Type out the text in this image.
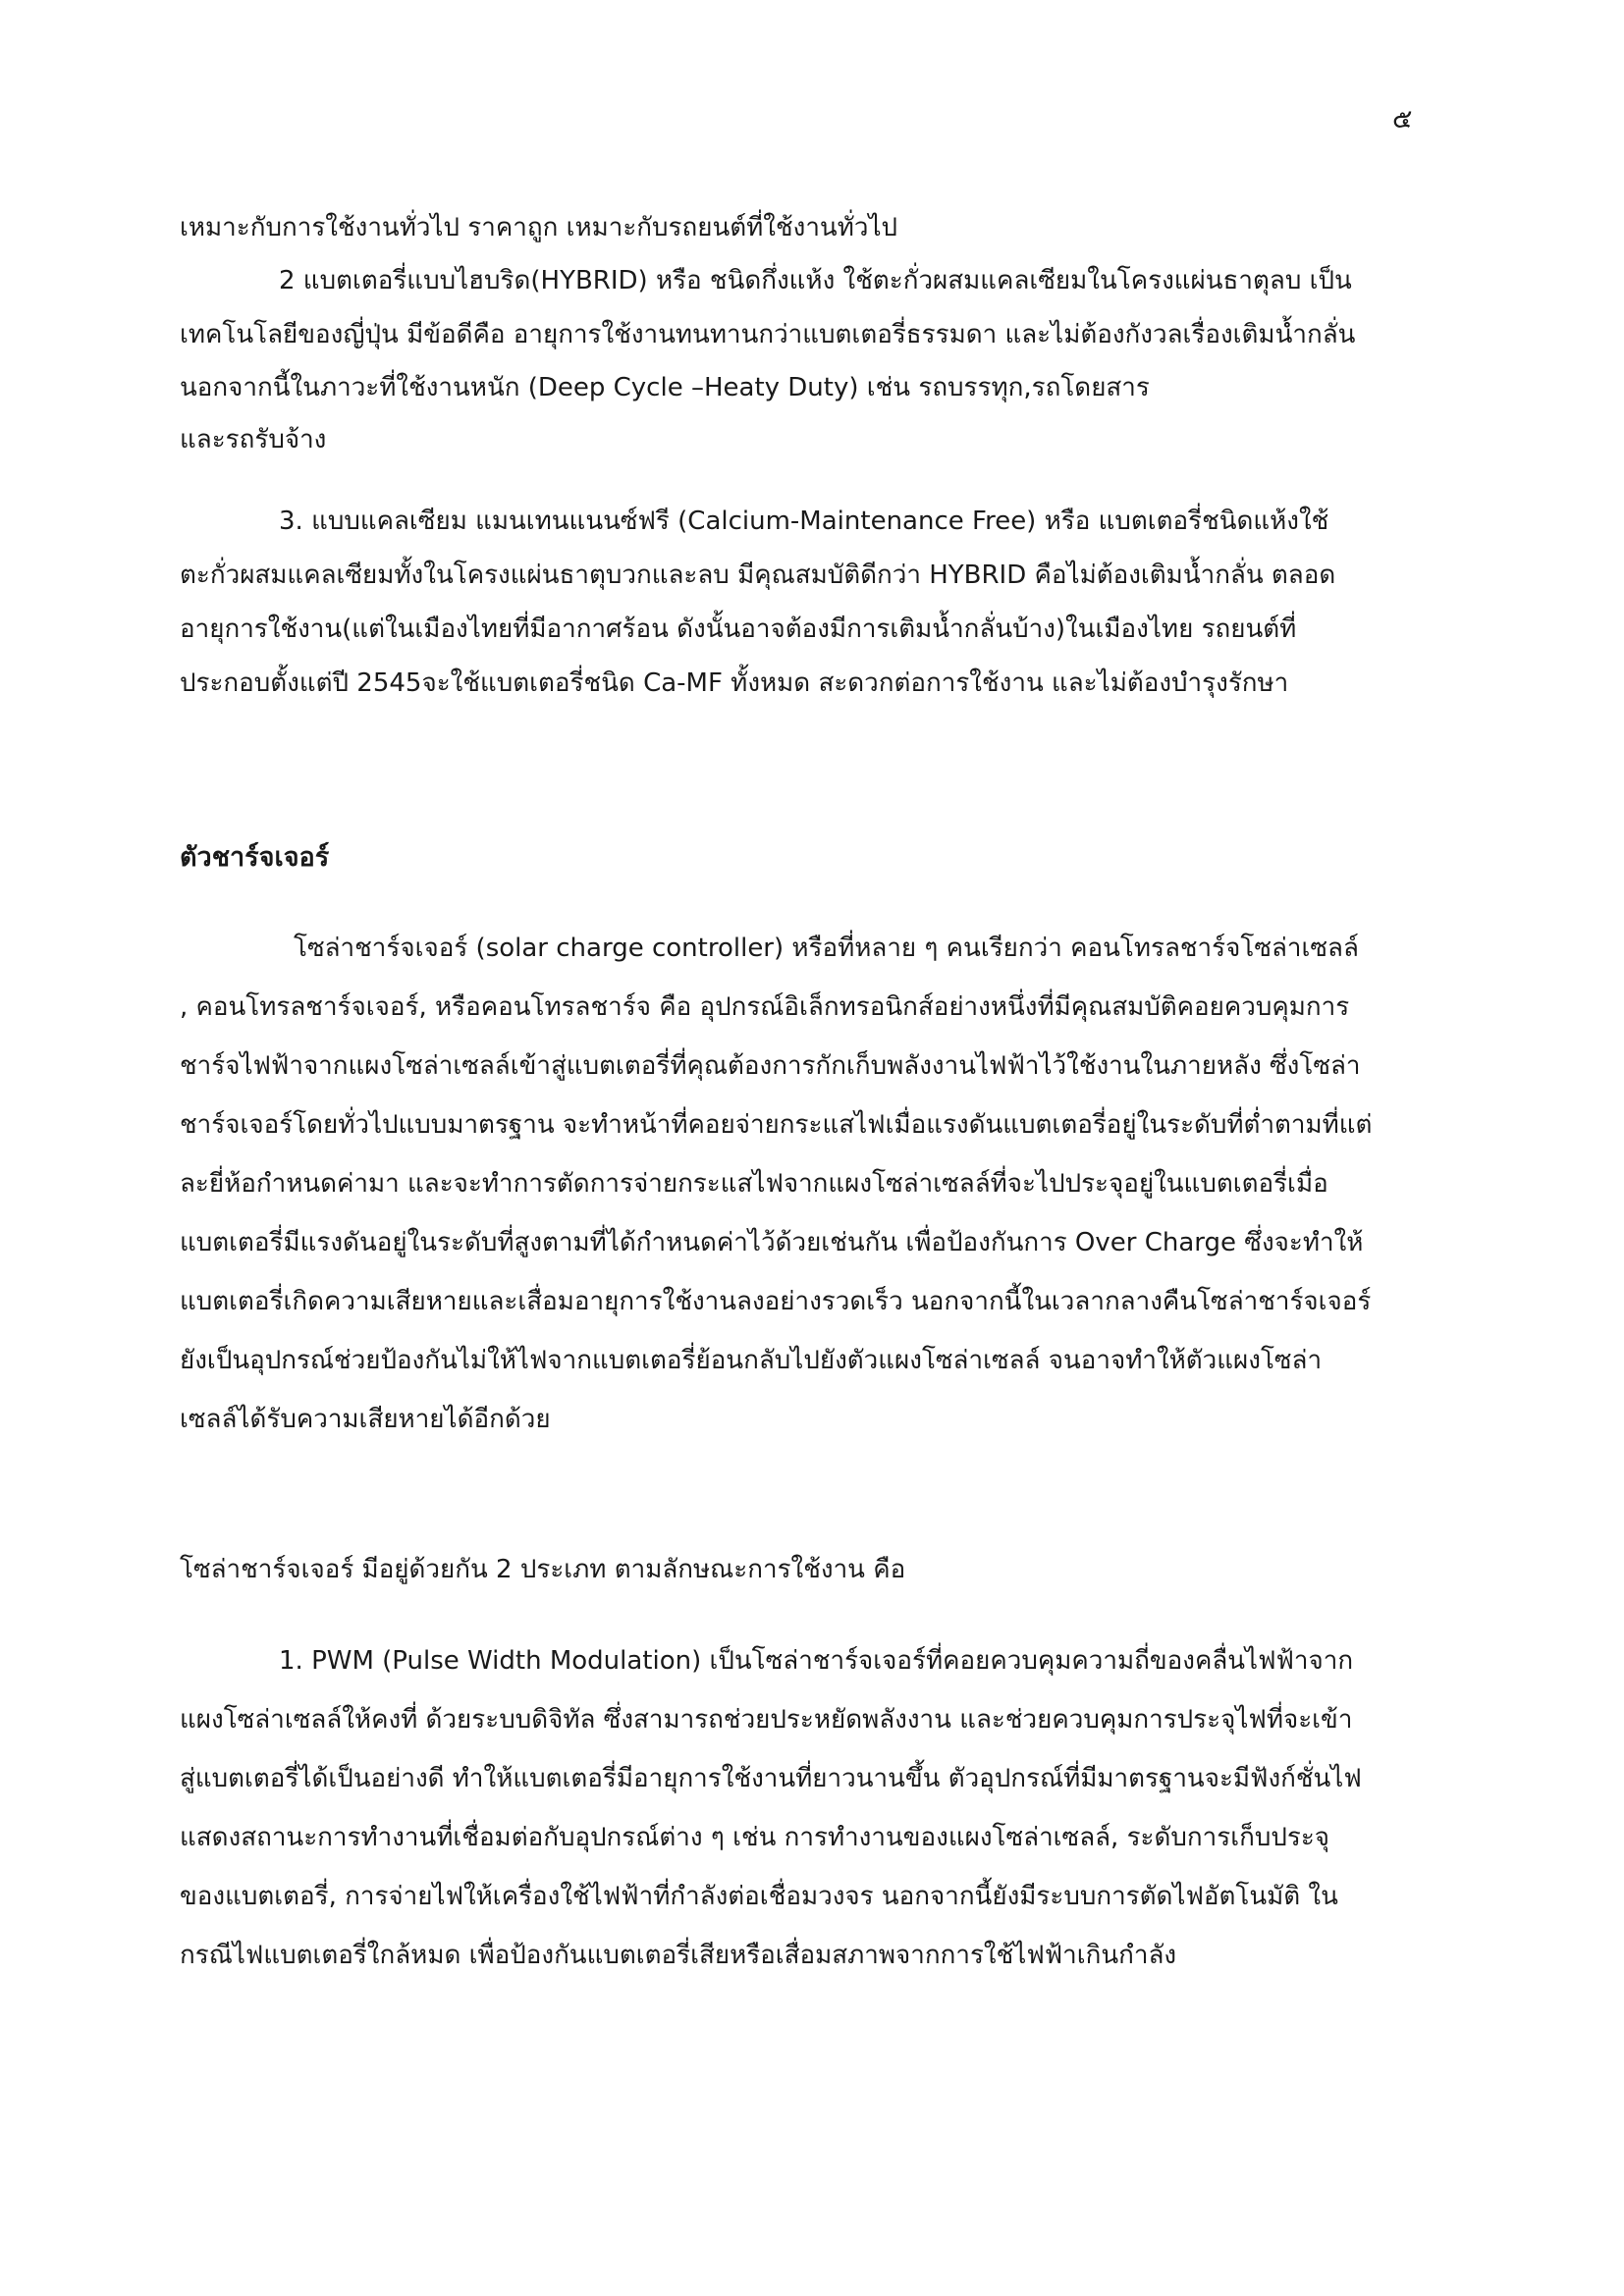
๕
เหมาะกับการใช้งานทั่วไป ราคาถูก เหมาะกับรถยนต์ที่ใช้งานทั่วไป
2 แบตเตอรี่แบบไฮบริด(HYBRID) หรือ ชนิดกึ่งแห้ง ใช้ตะกั่วผสมแคลเซียมในโครงแผ่นธาตุลบ เป็น
เทคโนโลยีของญี่ปุ่น มีข้อดีคือ อายุการใช้งานทนทานกว่าแบตเตอรี่ธรรมดา และไม่ต้องกังวลเรื่องเติมน้ำกลั่น
นอกจากนี้ในภาวะที่ใช้งานหนัก (Deep Cycle –Heaty Duty) เช่น รถบรรทุก,รถโดยสาร
และรถรับจ้าง
3. แบบแคลเซียม แมนเทนแนนซ์ฟรี (Calcium-Maintenance Free) หรือ แบตเตอรี่ชนิดแห้งใช้
ตะกั่วผสมแคลเซียมทั้งในโครงแผ่นธาตุบวกและลบ มีคุณสมบัติดีกว่า HYBRID คือไม่ต้องเติมน้ำกลั่น ตลอด
อายุการใช้งาน(แต่ในเมืองไทยที่มีอากาศร้อน ดังนั้นอาจต้องมีการเติมน้ำกลั่นบ้าง)ในเมืองไทย รถยนต์ที่
ประกอบตั้งแต่ปี 2545จะใช้แบตเตอรี่ชนิด Ca-MF ทั้งหมด สะดวกต่อการใช้งาน และไม่ต้องบำรุงรักษา
ตัวชาร์จเจอร์
โซล่าชาร์จเจอร์ (solar charge controller) หรือที่หลาย ๆ คนเรียกว่า คอนโทรลชาร์จโซล่าเซลล์
, คอนโทรลชาร์จเจอร์, หรือคอนโทรลชาร์จ คือ อุปกรณ์อิเล็กทรอนิกส์อย่างหนึ่งที่มีคุณสมบัติคอยควบคุมการ
ชาร์จไฟฟ้าจากแผงโซล่าเซลล์เข้าสู่แบตเตอรี่ที่คุณต้องการกักเก็บพลังงานไฟฟ้าไว้ใช้งานในภายหลัง ซึ่งโซล่า
ชาร์จเจอร์โดยทั่วไปแบบมาตรฐาน จะทำหน้าที่คอยจ่ายกระแสไฟเมื่อแรงดันแบตเตอรี่อยู่ในระดับที่ต่ำตามที่แต่
ละยี่ห้อกำหนดค่ามา และจะทำการตัดการจ่ายกระแสไฟจากแผงโซล่าเซลล์ที่จะไปประจุอยู่ในแบตเตอรี่เมื่อ
แบตเตอรี่มีแรงดันอยู่ในระดับที่สูงตามที่ได้กำหนดค่าไว้ด้วยเช่นกัน เพื่อป้องกันการ Over Charge ซึ่งจะทำให้
แบตเตอรี่เกิดความเสียหายและเสื่อมอายุการใช้งานลงอย่างรวดเร็ว นอกจากนี้ในเวลากลางคืนโซล่าชาร์จเจอร์
ยังเป็นอุปกรณ์ช่วยป้องกันไม่ให้ไฟจากแบตเตอรี่ย้อนกลับไปยังตัวแผงโซล่าเซลล์ จนอาจทำให้ตัวแผงโซล่า
เซลล์ได้รับความเสียหายได้อีกด้วย
โซล่าชาร์จเจอร์ มีอยู่ด้วยกัน 2 ประเภท ตามลักษณะการใช้งาน คือ
1. PWM (Pulse Width Modulation) เป็นโซล่าชาร์จเจอร์ที่คอยควบคุมความถี่ของคลื่นไฟฟ้าจาก
แผงโซล่าเซลล์ให้คงที่ ด้วยระบบดิจิทัล ซึ่งสามารถช่วยประหยัดพลังงาน และช่วยควบคุมการประจุไฟที่จะเข้า
สู่แบตเตอรี่ได้เป็นอย่างดี ทำให้แบตเตอรี่มีอายุการใช้งานที่ยาวนานขึ้น ตัวอุปกรณ์ที่มีมาตรฐานจะมีฟังก์ชั่นไฟ
แสดงสถานะการทำงานที่เชื่อมต่อกับอุปกรณ์ต่าง ๆ เช่น การทำงานของแผงโซล่าเซลล์, ระดับการเก็บประจุ
ของแบตเตอรี่, การจ่ายไฟให้เครื่องใช้ไฟฟ้าที่กำลังต่อเชื่อมวงจร นอกจากนี้ยังมีระบบการตัดไฟอัตโนมัติ ใน
กรณีไฟแบตเตอรี่ใกล้หมด เพื่อป้องกันแบตเตอรี่เสียหรือเสื่อมสภาพจากการใช้ไฟฟ้าเกินกำลัง
